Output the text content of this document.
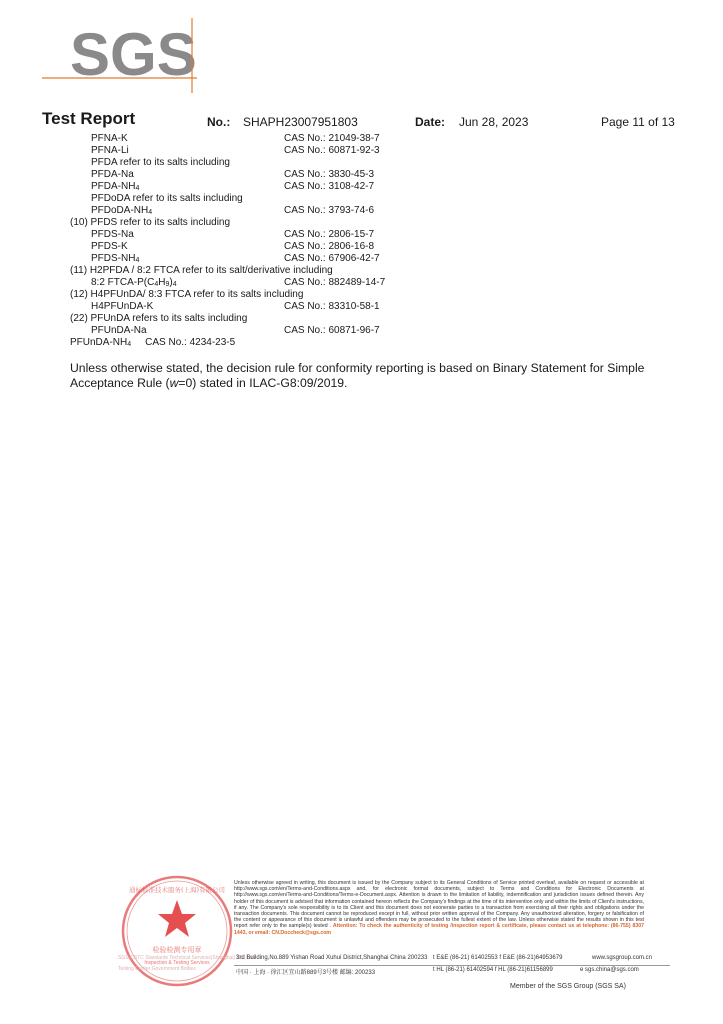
SGS
Test Report	No.: SHAPH23007951803	Date: Jun 28, 2023	Page 11 of 13
PFNA-K	CAS No.: 21049-38-7
PFNA-Li	CAS No.: 60871-92-3
PFDA refer to its salts including
PFDA-Na	CAS No.: 3830-45-3
PFDA-$NH_4$	CAS No.: 3108-42-7
PFDoDA refer to its salts including
PFDoDA-$NH_4$	CAS No.: 3793-74-6
(10) PFDS refer to its salts including
PFDS-Na	CAS No.: 2806-15-7
PFDS-K	CAS No.: 2806-16-8
PFDS-$NH_4$	CAS No.: 67906-42-7
(11) H2PFDA / 8:2 FTCA refer to its salt/derivative including
8:2 FTCA-$P(C_4H_9)_4$	CAS No.: 882489-14-7
(12) H4PFUnDA/ 8:3 FTCA refer to its salts including
H4PFUnDA-K	CAS No.: 83310-58-1
(22) PFUnDA refers to its salts including
PFUnDA-Na	CAS No.: 60871-96-7
PFUnDA-$NH_4$ CAS No.: 4234-23-5
Unless otherwise stated, the decision rule for conformity reporting is based on Binary Statement for Simple Acceptance Rule (w=0) stated in ILAC-G8:09/2019.
检验检测专用章
Inspection & Testing Services
通标标准技术服务(上海)有限公司
SGS-CSTC Standards Technical Services(Shanghai) Co., Ltd.
Testing Center Government Bodies
Unless otherwise agreed in writing, this document is issued by the Company subject to its General Conditions of Service printed overleaf, available on request or accessible at http://www.sgs.com/en/Terms-and-Conditions.aspx and, for electronic format documents, subject to Terms and Conditions for Electronic Documents at http://www.sgs.com/en/Terms-and-Conditions/Terms-e-Document.aspx. Attention is drawn to the limitation of liability, indemnification and jurisdiction issues defined therein. Any holder of this document is advised that information contained hereon reflects the Company's findings at the time of its intervention only and within the limits of Client's instructions, if any. The Company's sole responsibility is to its Client and this document does not exonerate parties to a transaction from exercising all their rights and obligations under the transaction documents. This document cannot be reproduced except in full, without prior written approval of the Company. Any unauthorized alteration, forgery or falsification of the content or appearance of this document is unlawful and offenders may be prosecuted to the fullest extent of the law. Unless otherwise stated the results shown in this test report refer only to the sample(s) tested . Attention: To check the authenticity of testing /inspection report & certificate, please contact us at telephone: (86-755) 8307 1443, or email: CN.Doccheck@sgs.com
3rd Building,No.889 Yishan Road Xuhui District,Shanghai China 200233 t E&E (86-21) 61402553 f E&E (86-21)64953679	www.sgsgroup.com.cn
中国 · 上海 · 徐汇区宜山路889号3号楼 邮编: 200233	t HL (86-21) 61402594 f HL (86-21)61156899	e sgs.china@sgs.com
Member of the SGS Group (SGS SA)
